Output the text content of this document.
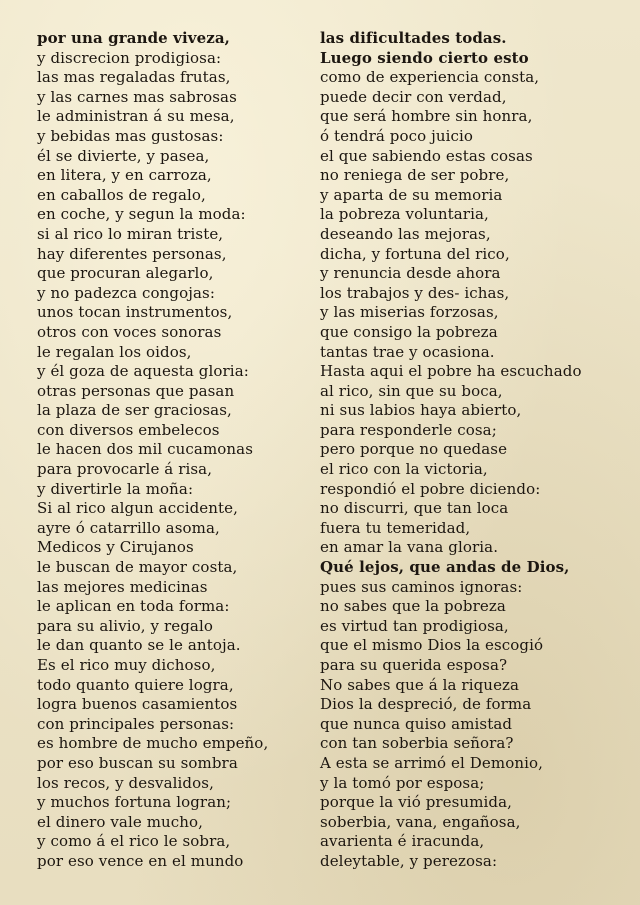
por una grande viveza,
y discrecion prodigiosa:
las mas regaladas frutas,
y las carnes mas sabrosas
le administran á su mesa,
y bebidas mas gustosas:
él se divierte, y pasea,
en litera, y en carroza,
en caballos de regalo,
en coche, y segun la moda:
si al rico lo miran triste,
hay diferentes personas,
que procuran alegarlo,
y no padezca congojas:
unos tocan instrumentos,
otros con voces sonoras
le regalan los oidos,
y él goza de aquesta gloria:
otras personas que pasan
la plaza de ser graciosas,
con diversos embelecos
le hacen dos mil cucamonas
para provocarle á risa,
y divertirle la moña:
Si al rico algun accidente,
ayre ó catarrillo asoma,
Medicos y Cirujanos
le buscan de mayor costa,
las mejores medicinas
le aplican en toda forma:
para su alivio, y regalo
le dan quanto se le antoja.
Es el rico muy dichoso,
todo quanto quiere logra,
logra buenos casamientos
con principales personas:
es hombre de mucho empeño,
por eso buscan su sombra
los recos, y desvalidos,
y muchos fortuna logran;
el dinero vale mucho,
y como á el rico le sobra,
por eso vence en el mundo
las dificultades todas.
Luego siendo cierto esto
como de experiencia consta,
puede decir con verdad,
que será hombre sin honra,
ó tendrá poco juicio
el que sabiendo estas cosas
no reniega de ser pobre,
y aparta de su memoria
la pobreza voluntaria,
deseando las mejoras,
dicha, y fortuna del rico,
y renuncia desde ahora
los trabajos y des- ichas,
y las miserias forzosas,
que consigo la pobreza
tantas trae y ocasiona.
Hasta aqui el pobre ha escuchado
al rico, sin que su boca,
ni sus labios haya abierto,
para responderle cosa;
pero porque no quedase
el rico con la victoria,
respondió el pobre diciendo:
no discurri, que tan loca
fuera tu temeridad,
en amar la vana gloria.
Qué lejos, que andas de Dios,
pues sus caminos ignoras:
no sabes que la pobreza
es virtud tan prodigiosa,
que el mismo Dios la escogió
para su querida esposa?
No sabes que á la riqueza
Dios la despreció, de forma
que nunca quiso amistad
con tan soberbia señora?
A esta se arrimó el Demonio,
y la tomó por esposa;
porque la vió presumida,
soberbia, vana, engañosa,
avarienta é iracunda,
deleytable, y perezosa:
